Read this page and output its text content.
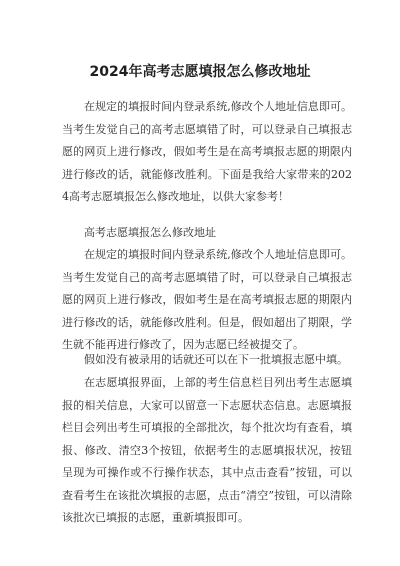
2024年高考志愿填报怎么修改地址

在规定的填报时间内登录系统,修改个人地址信息即可。当考生发觉自己的高考志愿填错了时，可以登录自己填报志愿的网页上进行修改，假如考生是在高考填报志愿的期限内进行修改的话，就能修改胜利。下面是我给大家带来的2024高考志愿填报怎么修改地址，以供大家参考！

高考志愿填报怎么修改地址

在规定的填报时间内登录系统,修改个人地址信息即可。当考生发觉自己的高考志愿填错了时，可以登录自己填报志愿的网页上进行修改，假如考生是在高考填报志愿的期限内进行修改的话，就能修改胜利。但是，假如超出了期限，学生就不能再进行修改了，因为志愿已经被提交了。

假如没有被录用的话就还可以在下一批填报志愿中填。

在志愿填报界面，上部的考生信息栏目列出考生志愿填报的相关信息，大家可以留意一下志愿状态信息。志愿填报栏目会列出考生可填报的全部批次，每个批次均有查看，填报、修改、清空3个按钮，依据考生的志愿填报状况，按钮呈现为可操作或不行操作状态，其中点击查看”按钮，可以查看考生在该批次填报的志愿，点击“清空”按钮，可以清除该批次已填报的志愿，重新填报即可。
